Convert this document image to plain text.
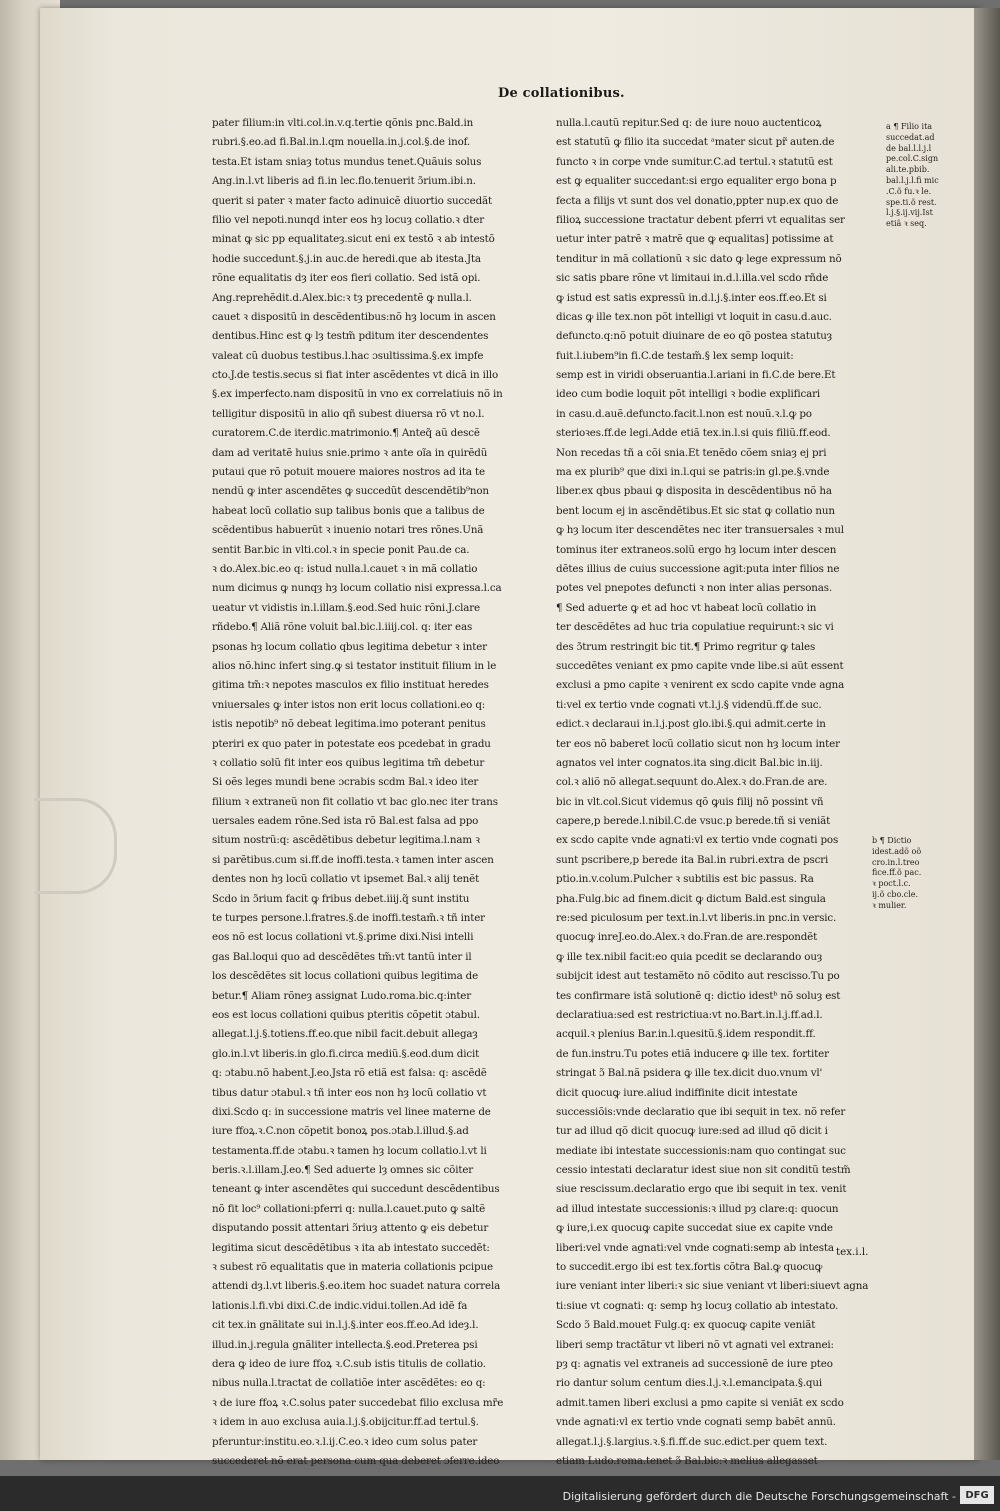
De collationibus.
pater filium:in vlti.col.in.v.q.tertie qõnis pnc.Bald.in
rubri.§.eo.ad fi.Bal.in.l.qm nouella.in.j.col.§.de inof.
testa.Et istam sniaȝ totus mundus tenet.Quãuis solus
Ang.in.l.vt liberis ad fi.in lec.flo.tenuerit ɔ̃rium.ibi.n.
querit si pater ꝛ mater facto adinuicẽ diuortio succedãt
filio vel nepoti.nunqd inter eos hȝ locuȝ collatio.ꝛ dter
minat ꝙ sic pp equalitateȝ.sicut eni ex testõ ꝛ ab intestõ
hodie succedunt.§.j.in auc.de heredi.que ab itesta.Jta
rõne equalitatis dȝ iter eos fieri collatio. Sed istã opi.
Ang.reprehẽdit.d.Alex.bic:ꝛ tȝ precedentẽ ꝙ nulla.l.
cauet ꝛ dispositũ in descẽdentibus:nõ hȝ locum in ascen
dentibus.Hinc est ꝙ lȝ testm̃ pditum iter descendentes
valeat cũ duobus testibus.l.hac ɔsultissima.§.ex impfe
cto.J.de testis.secus si fiat inter ascẽdentes vt dicã in illo
§.ex imperfecto.nam dispositũ in vno ex correlatiuis nõ in
telligitur dispositũ in alio qñ subest diuersa rõ vt no.l.
curatorem.C.de iterdic.matrimonio.¶ Anteq̃ aũ descẽ
dam ad veritatẽ huius snie.primo ꝛ ante oĩa in quirẽdũ
putaui que rõ potuit mouere maiores nostros ad ita te
nendũ ꝙ inter ascendẽtes ꝙ succedũt descendẽtib⁹non
habeat locũ collatio sup talibus bonis que a talibus de
scẽdentibus habuerũt ꝛ inuenio notari tres rõnes.Unã
sentit Bar.bic in vlti.col.ꝛ in specie ponit Pau.de ca.
ꝛ do.Alex.bic.eo q: istud nulla.l.cauet ꝛ in mã collatio
num dicimus ꝙ nunqȝ hȝ locum collatio nisi expressa.l.ca
ueatur vt vidistis in.l.illam.§.eod.Sed huic rõni.J.clare
rñdebo.¶ Aliã rõne voluit bal.bic.l.iiij.col. q: iter eas
psonas hȝ locum collatio qbus legitima debetur ꝛ inter
alios nõ.hinc infert sing.ꝙ si testator instituit filium in le
gitima tm̃:ꝛ nepotes masculos ex filio instituat heredes
vniuersales ꝙ inter istos non erit locus collationi.eo q:
istis nepotib⁹ nõ debeat legitima.imo poterant penitus
pteriri ex quo pater in potestate eos pcedebat in gradu
ꝛ collatio solũ fit inter eos quibus legitima tm̃ debetur
Si oẽs leges mundi bene ɔcrabis scdm Bal.ꝛ ideo iter
filium ꝛ extraneũ non fit collatio vt bac glo.nec iter trans
uersales eadem rõne.Sed ista rõ Bal.est falsa ad ppo
situm nostrũ:q: ascẽdẽtibus debetur legitima.l.nam ꝛ
si parẽtibus.cum si.ff.de inoffi.testa.ꝛ tamen inter ascen
dentes non hȝ locũ collatio vt ipsemet Bal.ꝛ alij tenẽt
Scdo in ɔ̃rium facit ꝙ fribus debet.iiij.q̃ sunt institu
te turpes persone.l.fratres.§.de inoffi.testam̃.ꝛ tñ inter
eos nõ est locus collationi vt.§.prime dixi.Nisi intelli
gas Bal.loqui quo ad descẽdẽtes tm̃:vt tantũ inter il
los descẽdẽtes sit locus collationi quibus legitima de
betur.¶ Aliam rõneȝ assignat Ludo.roma.bic.q:inter
eos est locus collationi quibus pteritis cõpetit ɔtabul.
allegat.l.j.§.totiens.ff.eo.que nibil facit.debuit allegaȝ
glo.in.l.vt liberis.in glo.fi.circa mediũ.§.eod.dum dicit
q: ɔtabu.nõ habent.J.eo.Jsta rõ etiã est falsa: q: ascẽdẽ
tibus datur ɔtabul.ꝛ tñ inter eos non hȝ locũ collatio vt
dixi.Scdo q: in successione matris vel linee materne de
iure ffoꝝ.ꝛ.C.non cõpetit bonoꝝ pos.ɔtab.l.illud.§.ad
testamenta.ff.de ɔtabu.ꝛ tamen hȝ locum collatio.l.vt li
beris.ꝛ.l.illam.J.eo.¶ Sed aduerte lȝ omnes sic cõiter
teneant ꝙ inter ascendẽtes qui succedunt descẽdentibus
nõ fit loc⁹ collationi:pferri q: nulla.l.cauet.puto ꝙ saltẽ
disputando possit attentari ɔ̃riuȝ attento ꝙ eis debetur
legitima sicut descẽdẽtibus ꝛ ita ab intestato succedẽt:
ꝛ subest rõ equalitatis que in materia collationis pcipue
attendi dȝ.l.vt liberis.§.eo.item hoc suadet natura correla
lationis.l.fi.vbi dixi.C.de indic.vidui.tollen.Ad idẽ fa
cit tex.in gnãlitate sui in.l.j.§.inter eos.ff.eo.Ad ideȝ.l.
illud.in.j.regula gnãliter intellecta.§.eod.Preterea psi
dera ꝙ ideo de iure ffoꝝ ꝛ.C.sub istis titulis de collatio.
nibus nulla.l.tractat de collatiõe inter ascẽdẽtes: eo q:
ꝛ de iure ffoꝝ ꝛ.C.solus pater succedebat filio exclusa mr̃e
ꝛ idem in auo exclusa auia.l.j.§.obijcitur.ff.ad tertul.§.
pferuntur:institu.eo.ꝛ.l.ij.C.eo.ꝛ ideo cum solus pater
succederet nõ erat persona cum qua deberet ɔferre.ideo
nulla.l.cautũ repitur.Sed q: de iure nouo auctenticoꝝ
est statutũ ꝙ filio ita succedat ᵃmater sicut pr̃ auten.de
functo ꝛ in corpe vnde sumitur.C.ad tertul.ꝛ statutũ est
est ꝙ equaliter succedant:si ergo equaliter ergo bona p
fecta a filijs vt sunt dos vel donatio,ppter nup.ex quo de
filioꝝ successione tractatur debent pferri vt equalitas ser
uetur inter patrẽ ꝛ matrẽ que ꝙ equalitas] potissime at
tenditur in mã collationũ ꝛ sic dato ꝙ lege expressum nõ
sic satis pbare rõne vt limitaui in.d.l.illa.vel scdo rñde
ꝙ istud est satis expressũ in.d.l.j.§.inter eos.ff.eo.Et si
dicas ꝙ ille tex.non põt intelligi vt loquit in casu.d.auc.
defuncto.q:nõ potuit diuinare de eo qõ postea statutuȝ
fuit.l.iubem⁹in fi.C.de testam̃.§ lex semp loquit:
semp est in viridi obseruantia.l.ariani in fi.C.de bere.Et
ideo cum bodie loquit põt intelligi ꝛ bodie explificari
in casu.d.auẽ.defuncto.facit.l.non est nouũ.ꝛ.l.ꝙ po
sterioꝛes.ff.de legi.Adde etiã tex.in.l.si quis filiũ.ff.eod.
Non recedas tñ a cõi snia.Et tenẽdo cõem sniaȝ ej pri
ma ex plurib⁹ que dixi in.l.qui se patris:in gl.pe.§.vnde
liber.ex qbus pbaui ꝙ disposita in descẽdentibus nõ ha
bent locum ej in ascẽndẽtibus.Et sic stat ꝙ collatio nun
ꝙ hȝ locum iter descendẽtes nec iter transuersales ꝛ mul
tominus iter extraneos.solũ ergo hȝ locum inter descen
dẽtes illius de cuius successione agit:puta inter filios ne
potes vel pnepotes defuncti ꝛ non inter alias personas.
¶ Sed aduerte ꝙ et ad hoc vt habeat locũ collatio in
ter descẽdẽtes ad huc tria copulatiue requirunt:ꝛ sic vi
des ɔ̃trum restringit bic tit.¶ Primo regritur ꝙ tales
succedẽtes veniant ex pmo capite vnde libe.si aũt essent
exclusi a pmo capite ꝛ venirent ex scdo capite vnde agna
ti:vel ex tertio vnde cognati vt.l.j.§ videndũ.ff.de suc.
edict.ꝛ declaraui in.l.j.post glo.ibi.§.qui admit.certe in
ter eos nõ baberet locũ collatio sicut non hȝ locum inter
agnatos vel inter cognatos.ita sing.dicit Bal.bic in.iij.
col.ꝛ aliõ nõ allegat.sequunt do.Alex.ꝛ do.Fran.de are.
bic in vlt.col.Sicut videmus qõ ꝙuis filij nõ possint vñ
capere,p berede.l.nibil.C.de vsuc.p berede.tñ si veniãt
ex scdo capite vnde agnati:vl ex tertio vnde cognati pos
sunt pscribere,p berede ita Bal.in rubri.extra de pscri
ptio.in.v.colum.Pulcher ꝛ subtilis est bic passus. Ra
pha.Fulg.bic ad finem.dicit ꝙ dictum Bald.est singula
re:sed piculosum per text.in.l.vt liberis.in pnc.in versic.
quocuꝙ inreJ.eo.do.Alex.ꝛ do.Fran.de are.respondẽt
ꝙ ille tex.nibil facit:eo quia pcedit se declarando ouȝ
subijcit idest aut testamẽto nõ cõdito aut rescisso.Tu po
tes confirmare istã solutionẽ q: dictio idestᵇ nõ soluȝ est
declaratiua:sed est restrictiua:vt no.Bart.in.l.j.ff.ad.l.
acquil.ꝛ plenius Bar.in.l.quesitũ.§.idem respondit.ff.
de fun.instru.Tu potes etiã inducere ꝙ ille tex. fortiter
stringat ɔ̃ Bal.nã psidera ꝙ ille tex.dicit duo.vnum vl'
dicit quocuꝙ iure.aliud indiffinite dicit intestate
successiõis:vnde declaratio que ibi sequit in tex. nõ refer
tur ad illud qõ dicit quocuꝙ iure:sed ad illud qõ dicit i
mediate ibi intestate successionis:nam quo contingat suc
cessio intestati declaratur idest siue non sit conditũ testm̃
siue rescissum.declaratio ergo que ibi sequit in tex. venit
ad illud intestate successionis:ꝛ illud pȝ clare:q: quocun
ꝙ iure,i.ex quocuꝙ capite succedat siue ex capite vnde
liberi:vel vnde agnati:vel vnde cognati:semp ab intesta
to succedit.ergo ibi est tex.fortis cõtra Bal.ꝙ quocuꝙ
iure veniant inter liberi:ꝛ sic siue veniant vt liberi:siuevt agna
ti:siue vt cognati: q: semp hȝ locuȝ collatio ab intestato.
Scdo ɔ̃ Bald.mouet Fulg.q: ex quocuꝙ capite veniãt
liberi semp tractãtur vt liberi nõ vt agnati vel extranei:
pȝ q: agnatis vel extraneis ad successionẽ de iure pteo
rio dantur solum centum dies.l.j.ꝛ.l.emancipata.§.qui
admit.tamen liberi exclusi a pmo capite si veniãt ex scdo
vnde agnati:vl ex tertio vnde cognati semp babẽt annũ.
allegat.l.j.§.largius.ꝛ.§.fi.ff.de suc.edict.per quem text.
etiam Ludo.roma.tenet ɔ̃ Bal.bic:ꝛ melius allegasset
a ¶ Filio ita
succedat.ad
de bal.l.l.j.l
pe.col.C.sign
ali.te.pbib.
bal.l.j.l.fi mic
.C.õ fu.ꝛ le.
spe.ti.õ rest.
l.j.§.ij.vij.Ist
etiã ꝛ seq.
b ¶ Dictio
idest.adõ oõ
cro.in.l.treo
fice.ff.õ pac.
ꝛ poct.l.c.
ij.õ cbo.cle.
ꝛ mulier.
tex.i.l.
Digitalisierung gefördert durch die Deutsche Forschungsgemeinschaft - DFG
